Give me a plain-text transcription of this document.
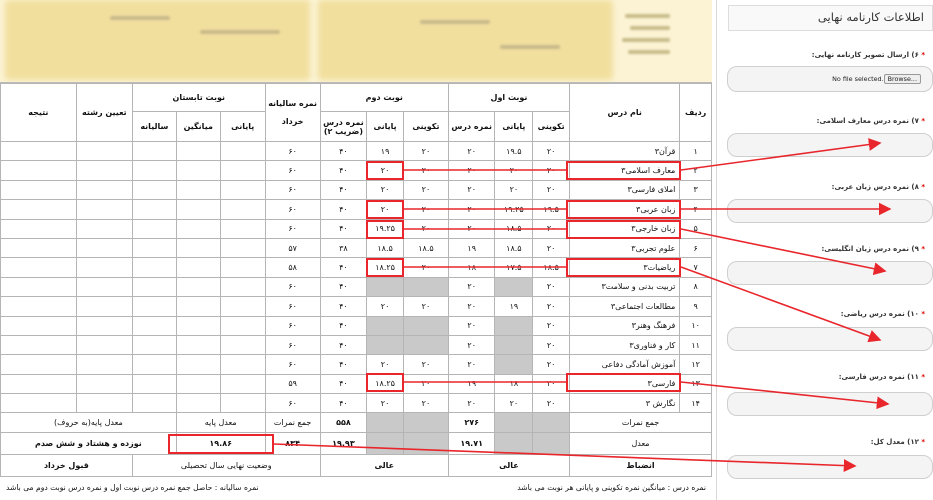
ردیف	نام درس	نوبت اول			نوبت دوم			نمره سالیانه

خرداد	نوبت تابستان			تعیین رشته	نتیجه
		تکوینی	پایانی	نمره درس	تکوینی	پایانی	نمره درس
(ضریب ۲)		پایانی	میانگین	سالیانه		
۱	قرآن۳	۲۰	۱۹.۵	۲۰	۲۰	۱۹	۴۰	۶۰					
۲	معارف اسلامی۳	۲۰	۲۰	۲۰	۲۰	۲۰	۴۰	۶۰					
۳	املای فارسی۳	۲۰	۲۰	۲۰	۲۰	۲۰	۴۰	۶۰					
۴	زبان عربی۳	۱۹.۵	۱۹.۲۵	۲۰	۲۰	۲۰	۴۰	۶۰					
۵	زبان خارجی۳	۲۰	۱۸.۵	۲۰	۲۰	۱۹.۲۵	۴۰	۶۰					
۶	علوم تجربی۳	۲۰	۱۸.۵	۱۹	۱۸.۵	۱۸.۵	۳۸	۵۷					
۷	ریاضیات۳	۱۸.۵	۱۷.۵	۱۸	۲۰	۱۸.۲۵	۴۰	۵۸					
۸	تربیت بدنی و سلامت۳	۲۰		۲۰			۴۰	۶۰					
۹	مطالعات اجتماعی۳	۲۰	۱۹	۲۰	۲۰	۲۰	۴۰	۶۰					
۱۰	فرهنگ وهنر۳	۲۰		۲۰			۴۰	۶۰					
۱۱	کار و فناوری۳	۲۰		۲۰			۴۰	۶۰					
۱۲	آموزش آمادگی دفاعی	۲۰		۲۰	۲۰	۲۰	۴۰	۶۰					
۱۳	فارسی۳	۲۰	۱۸	۱۹	۲۰	۱۸.۲۵	۴۰	۵۹					
۱۴	نگارش ۳	۲۰	۲۰	۲۰	۲۰	۲۰	۴۰	۶۰					
جمع نمرات				۲۷۶			۵۵۸	جمع نمرات	معدل پایه		معدل پایه(به حروف)		
معدل				۱۹.۷۱			۱۹.۹۳	۸۳۴	۱۹.۸۶		نوزده و هشتاد و شش صدم		
انضباط		عالی			عالی			وضعیت نهایی سال تحصیلی				قبول خرداد	
نمره درس : میانگین نمره تکوینی و پایانی هر نوبت می باشد
نمره سالیانه : حاصل جمع نمره درس نوبت اول و نمره درس نوبت دوم می باشد
اطلاعات کارنامه نهایی
* ۶) ارسال تصویر کارنامه نهایی:
No file selected. Browse...
* ۷) نمره درس معارف اسلامی:
* ۸) نمره درس زبان عربی:
* ۹) نمره درس زبان انگلیسی:
* ۱۰) نمره درس ریاضی:
* ۱۱) نمره درس فارسی:
* ۱۲) معدل کل:
